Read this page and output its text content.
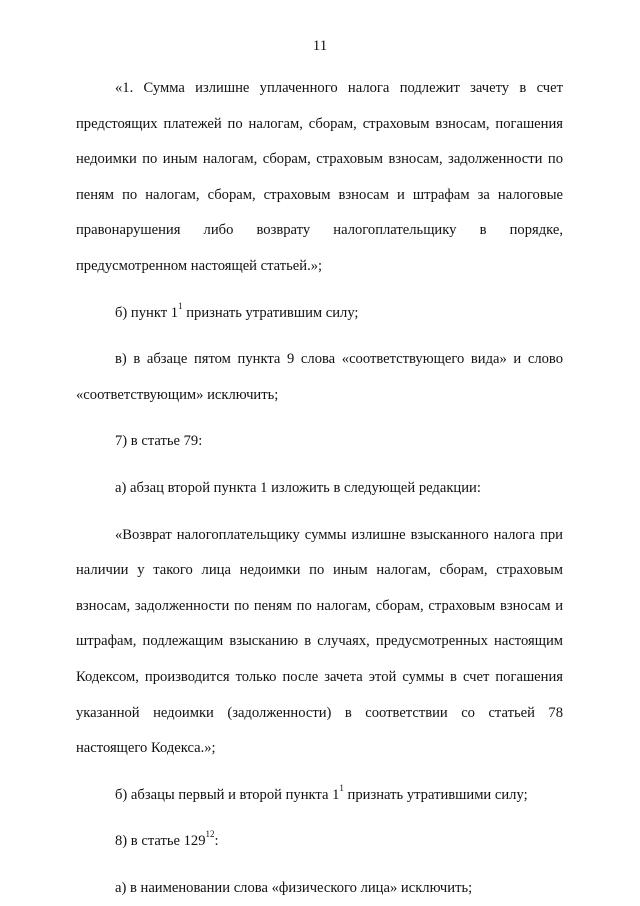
11

«1. Сумма излишне уплаченного налога подлежит зачету в счет предстоящих платежей по налогам, сборам, страховым взносам, погашения недоимки по иным налогам, сборам, страховым взносам, задолженности по пеням по налогам, сборам, страховым взносам и штрафам за налоговые правонарушения либо возврату налогоплательщику в порядке, предусмотренном настоящей статьей.»;

б) пункт $1^1$ признать утратившим силу;

в) в абзаце пятом пункта 9 слова «соответствующего вида» и слово «соответствующим» исключить;

7) в статье 79:

а) абзац второй пункта 1 изложить в следующей редакции:

«Возврат налогоплательщику суммы излишне взысканного налога при наличии у такого лица недоимки по иным налогам, сборам, страховым взносам, задолженности по пеням по налогам, сборам, страховым взносам и штрафам, подлежащим взысканию в случаях, предусмотренных настоящим Кодексом, производится только после зачета этой суммы в счет погашения указанной недоимки (задолженности) в соответствии со статьей 78 настоящего Кодекса.»;

б) абзацы первый и второй пункта $1^1$ признать утратившими силу;

8) в статье $129^{12}$:

а) в наименовании слова «физического лица» исключить;
